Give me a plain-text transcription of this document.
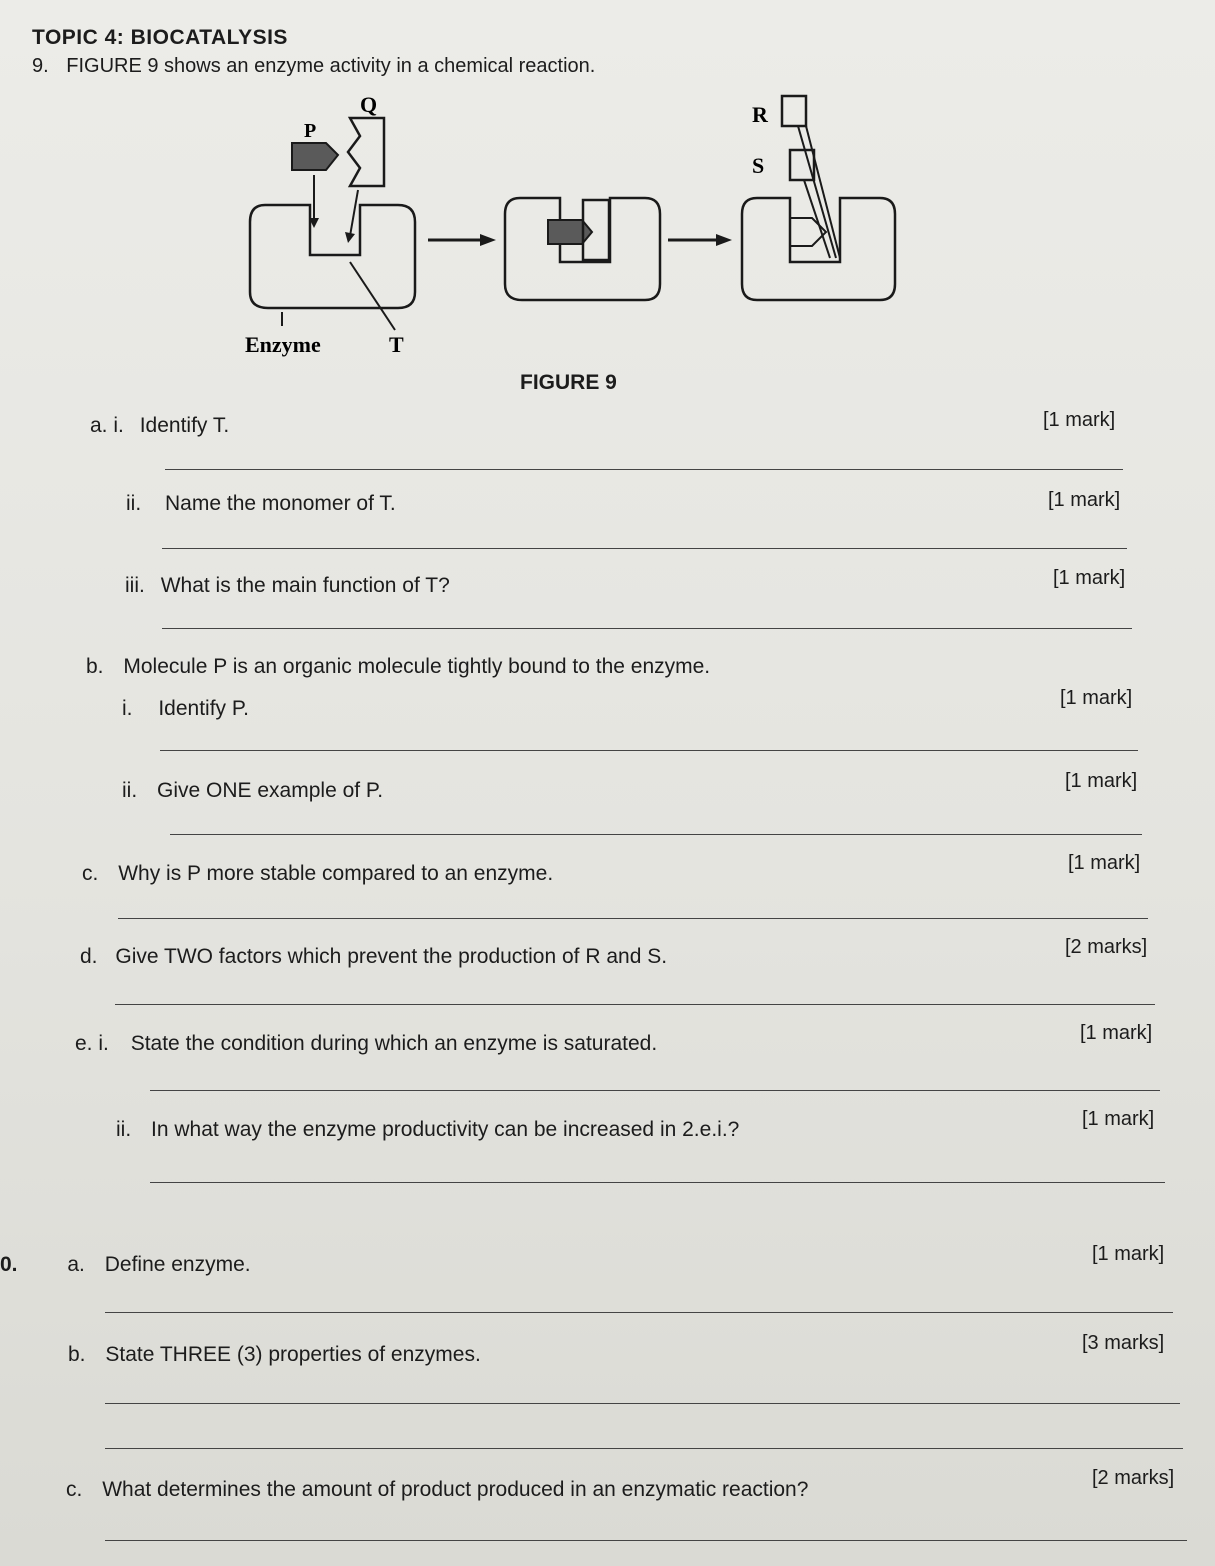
TOPIC 4: BIOCATALYSIS
9. FIGURE 9 shows an enzyme activity in a chemical reaction.
P
Q
Enzyme	T
R
S
FIGURE 9
a. i. Identify T.	[1 mark]
ii. Name the monomer of T.	[1 mark]
iii. What is the main function of T?	[1 mark]
b. Molecule P is an organic molecule tightly bound to the enzyme.
i. Identify P.	[1 mark]
ii. Give ONE example of P.	[1 mark]
c. Why is P more stable compared to an enzyme.	[1 mark]
d. Give TWO factors which prevent the production of R and S.	[2 marks]
e. i. State the condition during which an enzyme is saturated.	[1 mark]
ii. In what way the enzyme productivity can be increased in 2.e.i.?	[1 mark]
0. a. Define enzyme.	[1 mark]
b. State THREE (3) properties of enzymes.	[3 marks]
c. What determines the amount of product produced in an enzymatic reaction?	[2 marks]
